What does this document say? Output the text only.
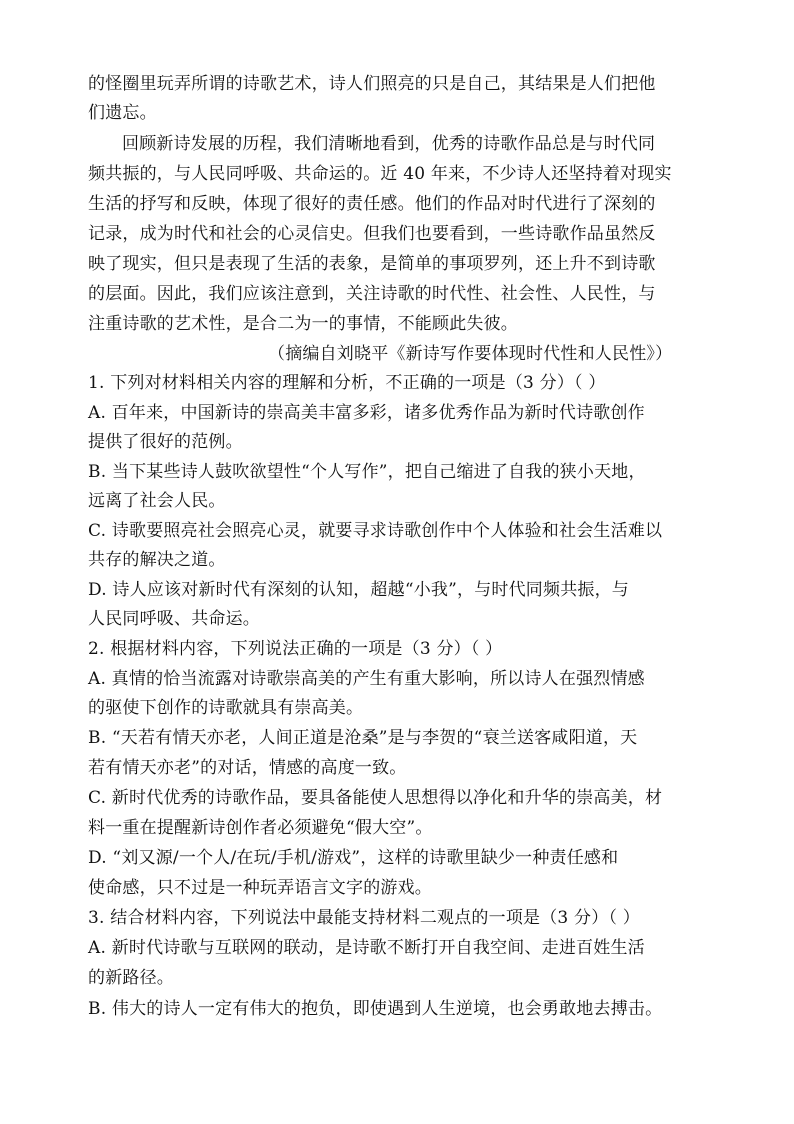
的怪圈里玩弄所谓的诗歌艺术，诗人们照亮的只是自己，其结果是人们把他
们遗忘。
回顾新诗发展的历程，我们清晰地看到，优秀的诗歌作品总是与时代同
频共振的，与人民同呼吸、共命运的。近 40 年来，不少诗人还坚持着对现实
生活的抒写和反映，体现了很好的责任感。他们的作品对时代进行了深刻的
记录，成为时代和社会的心灵信史。但我们也要看到，一些诗歌作品虽然反
映了现实，但只是表现了生活的表象，是简单的事项罗列，还上升不到诗歌
的层面。因此，我们应该注意到，关注诗歌的时代性、社会性、人民性，与
注重诗歌的艺术性，是合二为一的事情，不能顾此失彼。
（摘编自刘晓平《新诗写作要体现时代性和人民性》）
1. 下列对材料相关内容的理解和分析，不正确的一项是（3 分）（ ）
A. 百年来，中国新诗的崇高美丰富多彩，诸多优秀作品为新时代诗歌创作
提供了很好的范例。
B. 当下某些诗人鼓吹欲望性“个人写作”，把自己缩进了自我的狭小天地，
远离了社会人民。
C. 诗歌要照亮社会照亮心灵，就要寻求诗歌创作中个人体验和社会生活难以
共存的解决之道。
D. 诗人应该对新时代有深刻的认知，超越“小我”，与时代同频共振，与
人民同呼吸、共命运。
2. 根据材料内容，下列说法正确的一项是（3 分）（ ）
A. 真情的恰当流露对诗歌崇高美的产生有重大影响，所以诗人在强烈情感
的驱使下创作的诗歌就具有崇高美。
B. “天若有情天亦老，人间正道是沧桑”是与李贺的“衰兰送客咸阳道，天
若有情天亦老”的对话，情感的高度一致。
C. 新时代优秀的诗歌作品，要具备能使人思想得以净化和升华的崇高美，材
料一重在提醒新诗创作者必须避免“假大空”。
D. “刘又源/一个人/在玩/手机/游戏”，这样的诗歌里缺少一种责任感和
使命感，只不过是一种玩弄语言文字的游戏。
3. 结合材料内容，下列说法中最能支持材料二观点的一项是（3 分）（ ）
A. 新时代诗歌与互联网的联动，是诗歌不断打开自我空间、走进百姓生活
的新路径。
B. 伟大的诗人一定有伟大的抱负，即使遇到人生逆境，也会勇敢地去搏击。
